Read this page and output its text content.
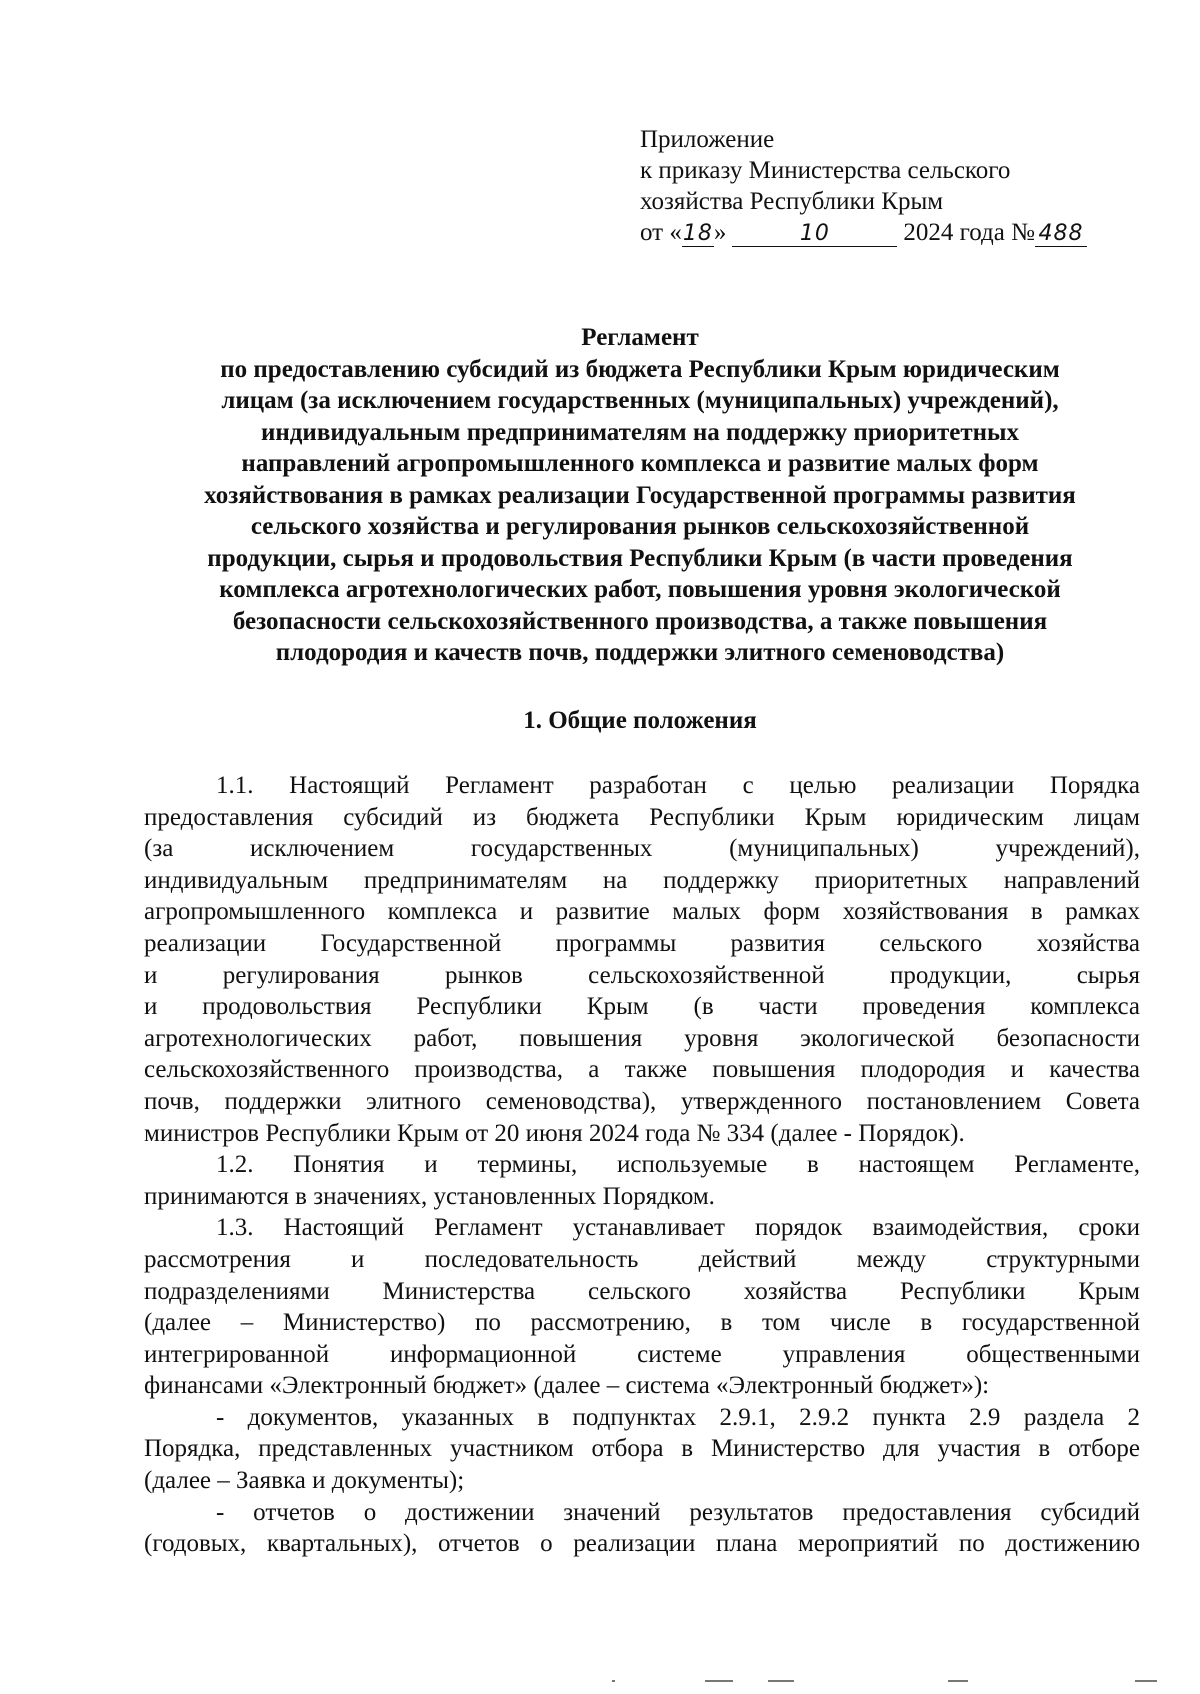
Приложение
к приказу Министерства сельского
хозяйства Республики Крым
от «18»	10	2024 года № 488
Регламент
по предоставлению субсидий из бюджета Республики Крым юридическим
лицам (за исключением государственных (муниципальных) учреждений),
индивидуальным предпринимателям на поддержку приоритетных
направлений агропромышленного комплекса и развитие малых форм
хозяйствования в рамках реализации Государственной программы развития
сельского хозяйства и регулирования рынков сельскохозяйственной
продукции, сырья и продовольствия Республики Крым (в части проведения
комплекса агротехнологических работ, повышения уровня экологической
безопасности сельскохозяйственного производства, а также повышения
плодородия и качеств почв, поддержки элитного семеноводства)
1. Общие положения
1.1. Настоящий Регламент разработан с целью реализации Порядка
предоставления субсидий из бюджета Республики Крым юридическим лицам
(за исключением государственных (муниципальных) учреждений),
индивидуальным предпринимателям на поддержку приоритетных направлений
агропромышленного комплекса и развитие малых форм хозяйствования в рамках
реализации Государственной программы развития сельского хозяйства
и регулирования рынков сельскохозяйственной продукции, сырья
и продовольствия Республики Крым (в части проведения комплекса
агротехнологических работ, повышения уровня экологической безопасности
сельскохозяйственного производства, а также повышения плодородия и качества
почв, поддержки элитного семеноводства), утвержденного постановлением Совета
министров Республики Крым от 20 июня 2024 года № 334 (далее - Порядок).
1.2. Понятия и термины, используемые в настоящем Регламенте,
принимаются в значениях, установленных Порядком.
1.3. Настоящий Регламент устанавливает порядок взаимодействия, сроки
рассмотрения и последовательность действий между структурными
подразделениями Министерства сельского хозяйства Республики Крым
(далее – Министерство) по рассмотрению, в том числе в государственной
интегрированной информационной системе управления общественными
финансами «Электронный бюджет» (далее – система «Электронный бюджет»):
- документов, указанных в подпунктах 2.9.1, 2.9.2 пункта 2.9 раздела 2
Порядка, представленных участником отбора в Министерство для участия в отборе
(далее – Заявка и документы);
- отчетов о достижении значений результатов предоставления субсидий
(годовых, квартальных), отчетов о реализации плана мероприятий по достижению
